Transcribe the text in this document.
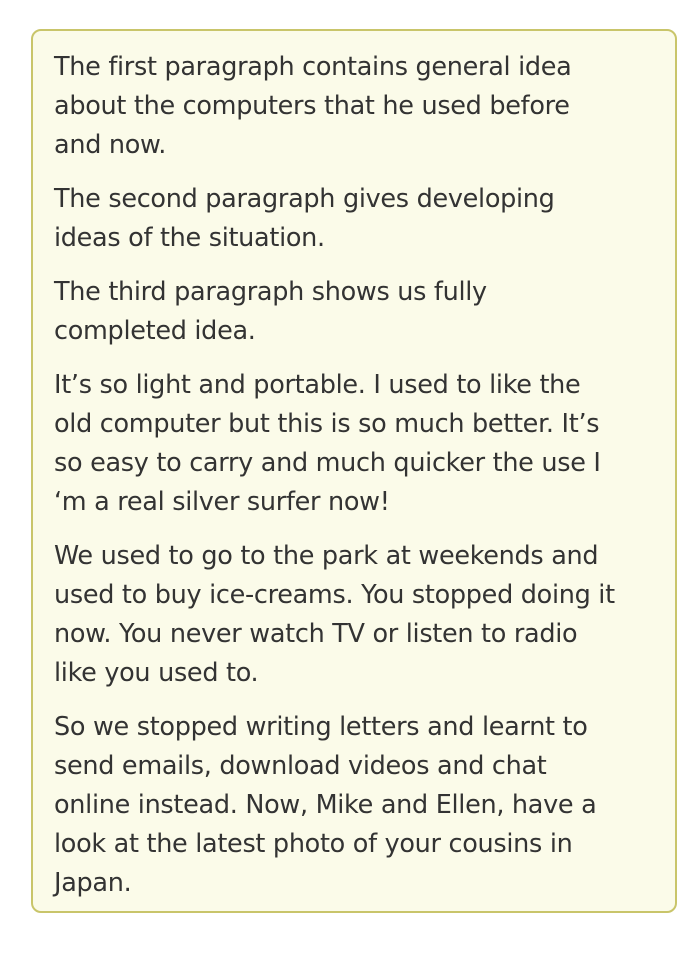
The first paragraph contains general idea
about the computers that he used before
and now.

The second paragraph gives developing
ideas of the situation.

The third paragraph shows us fully
completed idea.

It’s so light and portable. I used to like the
old computer but this is so much better. It’s
so easy to carry and much quicker the use I
‘m a real silver surfer now!

We used to go to the park at weekends and
used to buy ice-creams. You stopped doing it
now. You never watch TV or listen to radio
like you used to.

So we stopped writing letters and learnt to
send emails, download videos and chat
online instead. Now, Mike and Ellen, have a
look at the latest photo of your cousins in
Japan.
